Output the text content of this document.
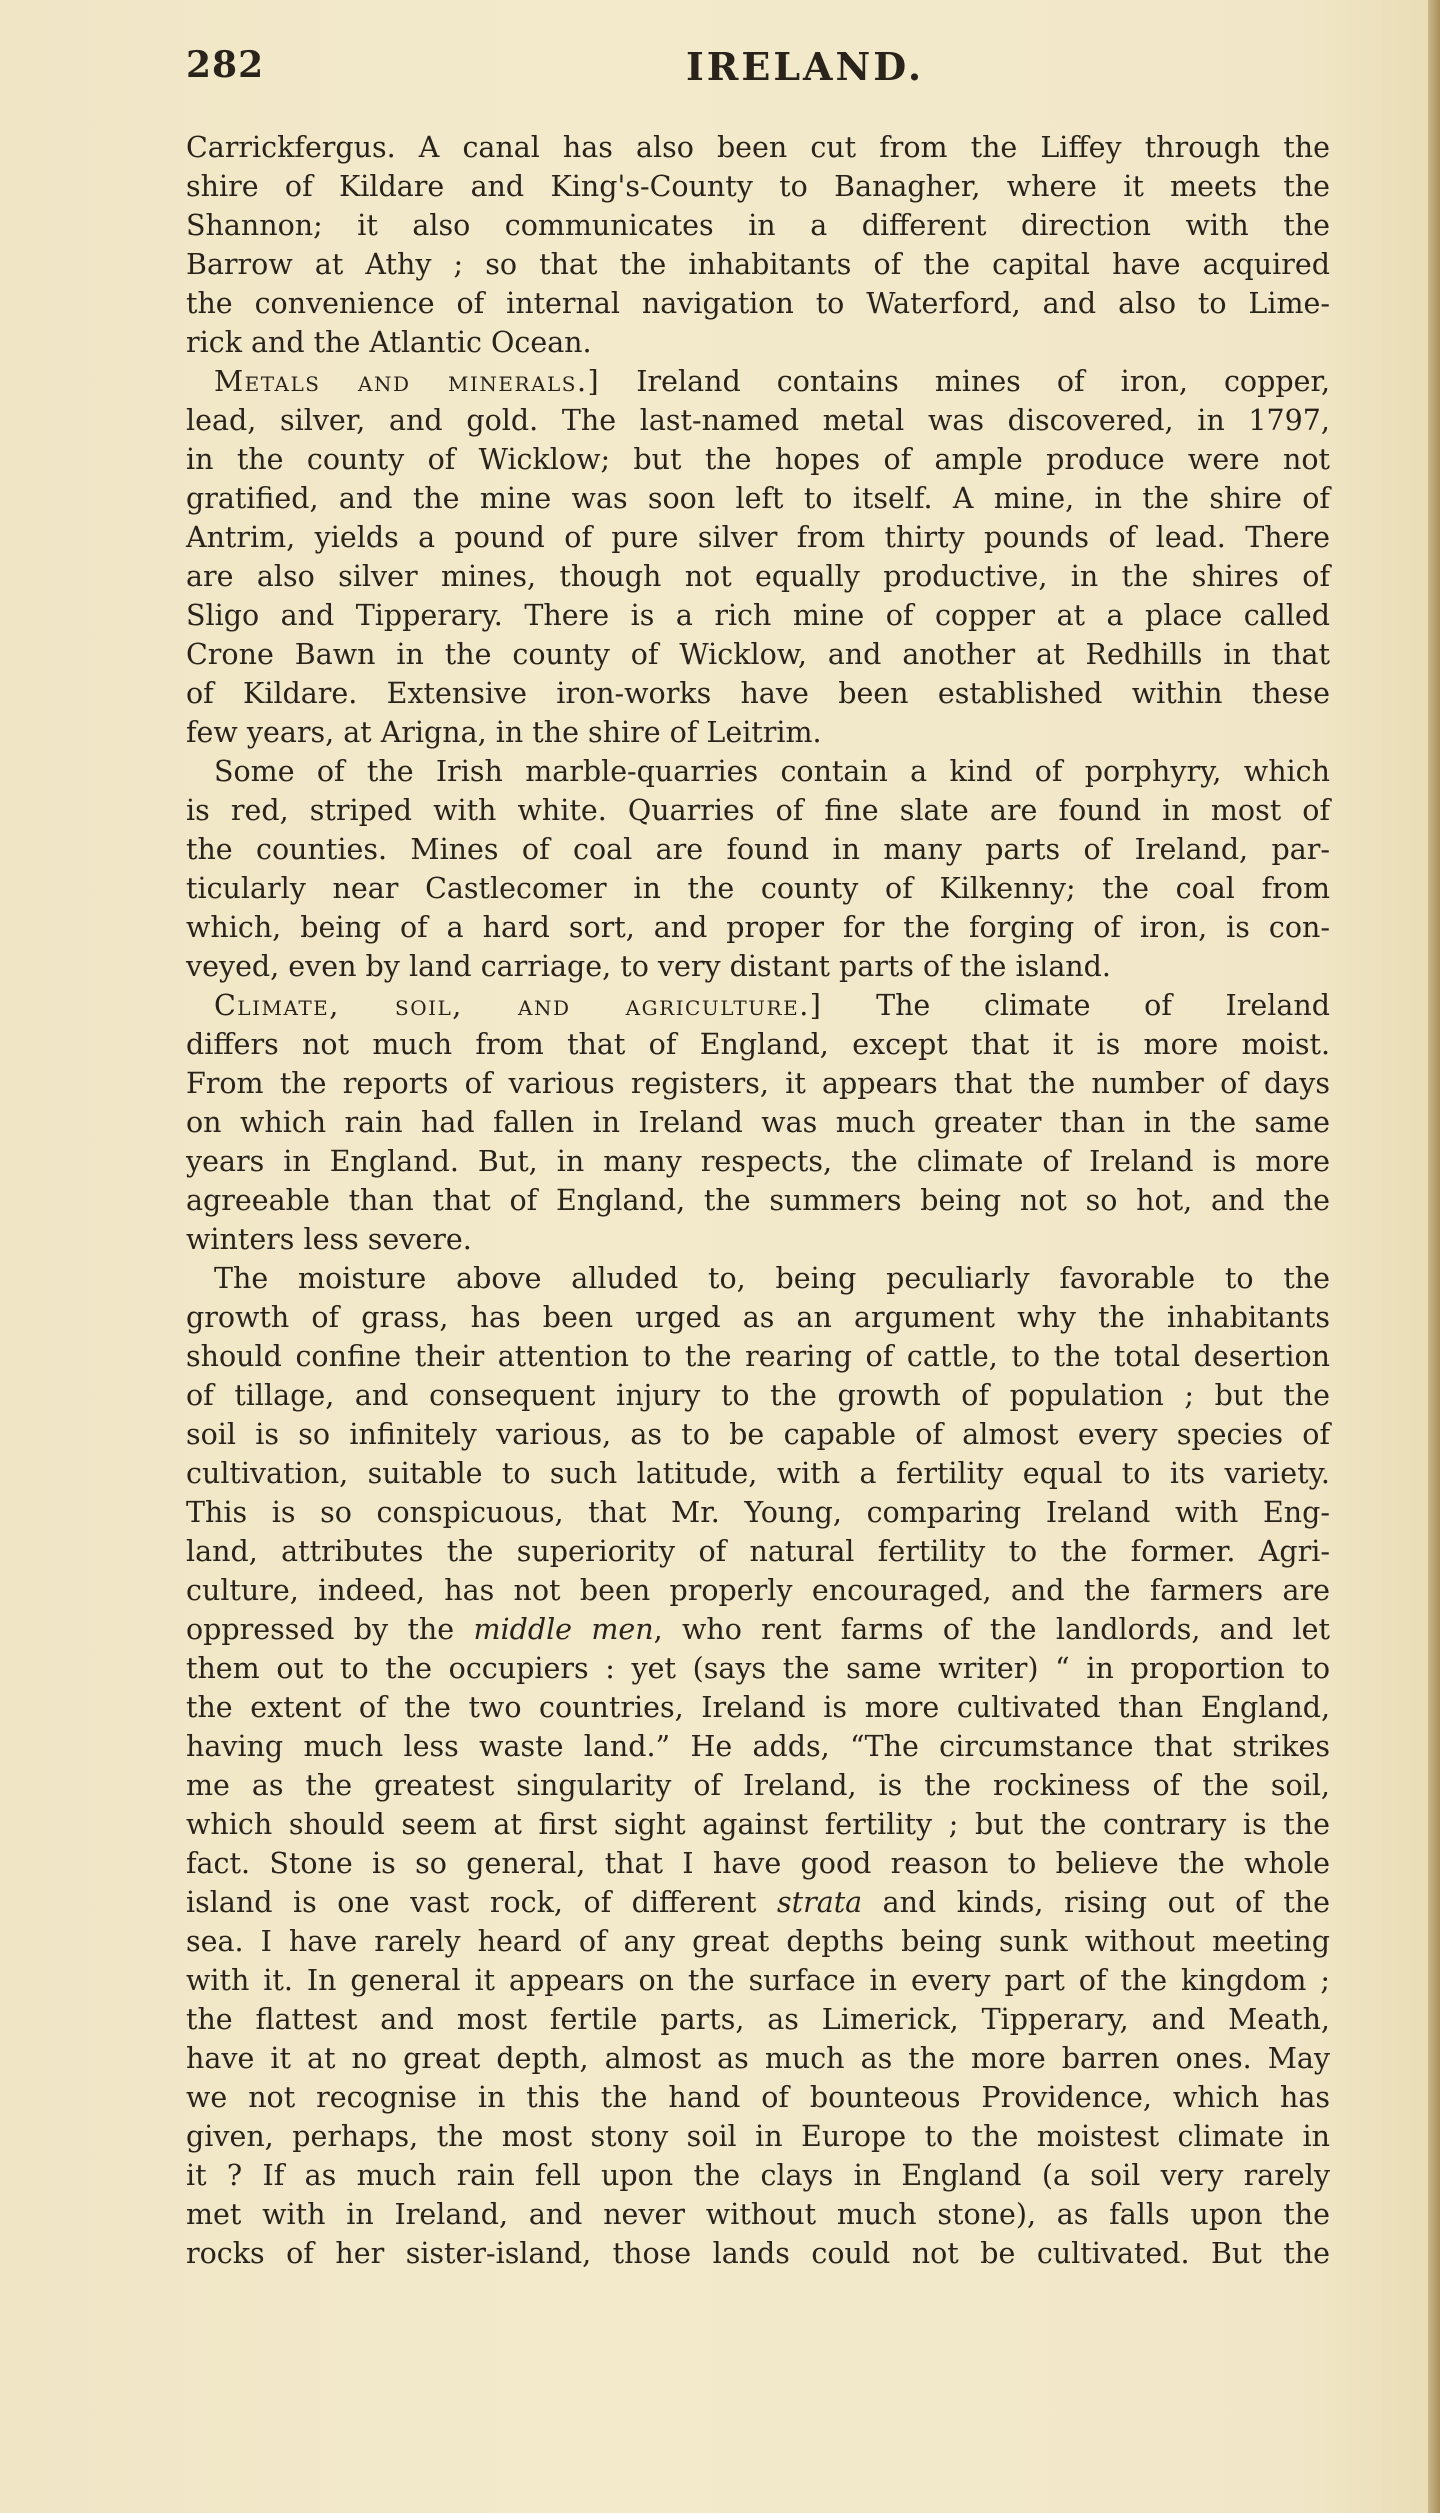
282	IRELAND.
Carrickfergus. A canal has also been cut from the Liffey through the
shire of Kildare and King's-County to Banagher, where it meets the
Shannon; it also communicates in a different direction with the
Barrow at Athy ; so that the inhabitants of the capital have acquired
the convenience of internal navigation to Waterford, and also to Lime-
rick and the Atlantic Ocean.
Metals and minerals.] Ireland contains mines of iron, copper,
lead, silver, and gold. The last-named metal was discovered, in 1797,
in the county of Wicklow; but the hopes of ample produce were not
gratified, and the mine was soon left to itself. A mine, in the shire of
Antrim, yields a pound of pure silver from thirty pounds of lead. There
are also silver mines, though not equally productive, in the shires of
Sligo and Tipperary. There is a rich mine of copper at a place called
Crone Bawn in the county of Wicklow, and another at Redhills in that
of Kildare. Extensive iron-works have been established within these
few years, at Arigna, in the shire of Leitrim.
Some of the Irish marble-quarries contain a kind of porphyry, which
is red, striped with white. Quarries of fine slate are found in most of
the counties. Mines of coal are found in many parts of Ireland, par-
ticularly near Castlecomer in the county of Kilkenny; the coal from
which, being of a hard sort, and proper for the forging of iron, is con-
veyed, even by land carriage, to very distant parts of the island.
Climate, soil, and agriculture.] The climate of Ireland
differs not much from that of England, except that it is more moist.
From the reports of various registers, it appears that the number of days
on which rain had fallen in Ireland was much greater than in the same
years in England. But, in many respects, the climate of Ireland is more
agreeable than that of England, the summers being not so hot, and the
winters less severe.
The moisture above alluded to, being peculiarly favorable to the
growth of grass, has been urged as an argument why the inhabitants
should confine their attention to the rearing of cattle, to the total desertion
of tillage, and consequent injury to the growth of population ; but the
soil is so infinitely various, as to be capable of almost every species of
cultivation, suitable to such latitude, with a fertility equal to its variety.
This is so conspicuous, that Mr. Young, comparing Ireland with Eng-
land, attributes the superiority of natural fertility to the former. Agri-
culture, indeed, has not been properly encouraged, and the farmers are
oppressed by the middle men, who rent farms of the landlords, and let
them out to the occupiers : yet (says the same writer) “ in proportion to
the extent of the two countries, Ireland is more cultivated than England,
having much less waste land.” He adds, “The circumstance that strikes
me as the greatest singularity of Ireland, is the rockiness of the soil,
which should seem at first sight against fertility ; but the contrary is the
fact. Stone is so general, that I have good reason to believe the whole
island is one vast rock, of different strata and kinds, rising out of the
sea. I have rarely heard of any great depths being sunk without meeting
with it. In general it appears on the surface in every part of the kingdom ;
the flattest and most fertile parts, as Limerick, Tipperary, and Meath,
have it at no great depth, almost as much as the more barren ones. May
we not recognise in this the hand of bounteous Providence, which has
given, perhaps, the most stony soil in Europe to the moistest climate in
it ? If as much rain fell upon the clays in England (a soil very rarely
met with in Ireland, and never without much stone), as falls upon the
rocks of her sister-island, those lands could not be cultivated. But the
